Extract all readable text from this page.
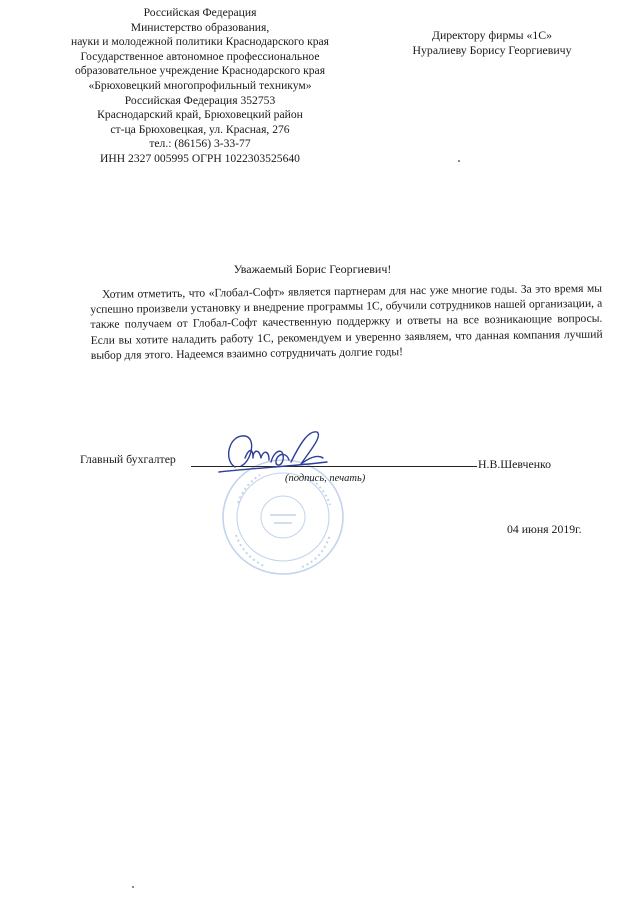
Российская Федерация
Министерство образования,
науки и молодежной политики Краснодарского края
Государственное автономное профессиональное
образовательное учреждение Краснодарского края
«Брюховецкий многопрофильный техникум»
Российская Федерация 352753
Краснодарский край, Брюховецкий район
ст-ца Брюховецкая, ул. Красная, 276
тел.: (86156) 3-33-77
ИНН 2327 005995 ОГРН 1022303525640
Директору фирмы «1С»
Нуралиеву Борису Георгиевичу
Уважаемый Борис Георгиевич!
Хотим отметить, что «Глобал-Софт» является партнерам для нас уже многие годы. За это время мы успешно произвели установку и внедрение программы 1С, обучили сотрудников нашей организации, а также получаем от Глобал-Софт качественную поддержку и ответы на все возникающие вопросы. Если вы хотите наладить работу 1С, рекомендуем и уверенно заявляем, что данная компания лучший выбор для этого. Надеемся взаимно сотрудничать долгие годы!
Главный бухгалтер	Н.В.Шевченко
(подпись, печать)
04 июня 2019г.
